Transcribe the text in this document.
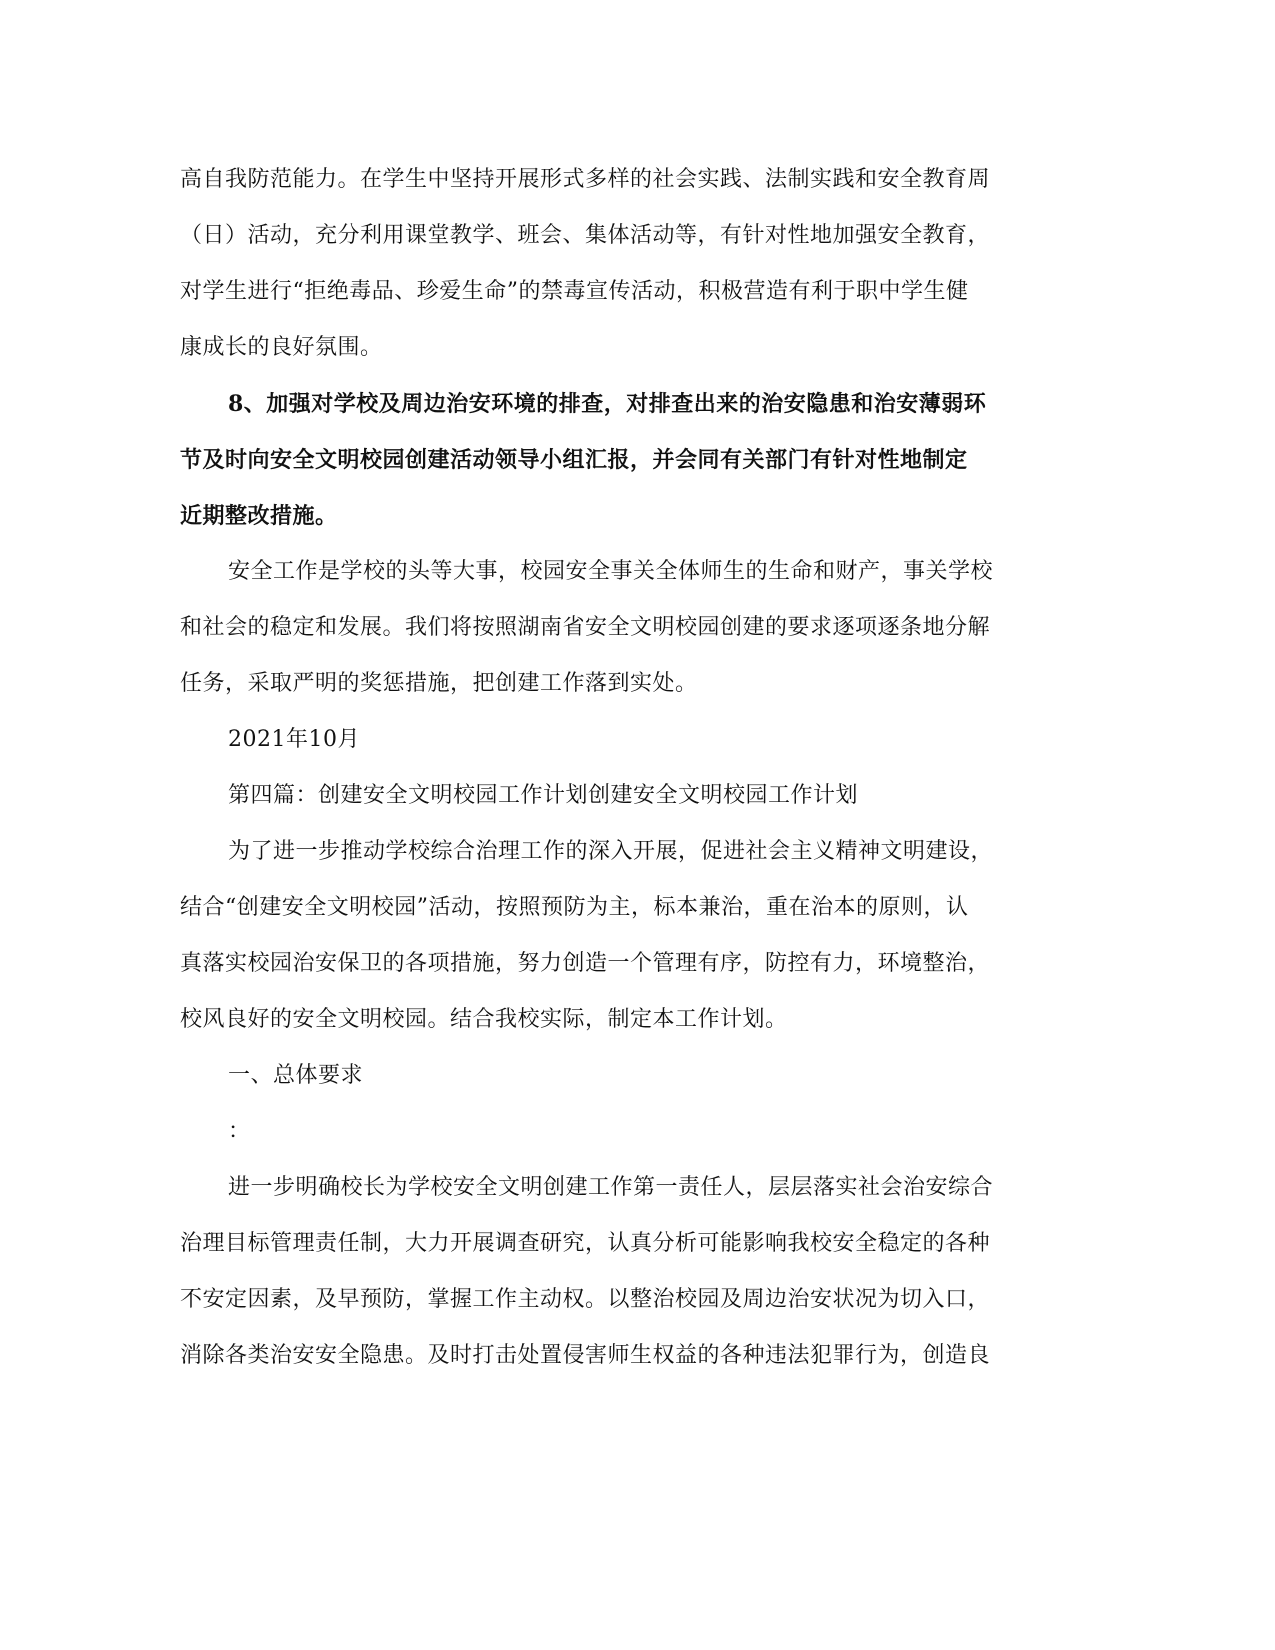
高自我防范能力。在学生中坚持开展形式多样的社会实践、法制实践和安全教育周
（日）活动，充分利用课堂教学、班会、集体活动等，有针对性地加强安全教育，
对学生进行“拒绝毒品、珍爱生命”的禁毒宣传活动，积极营造有利于职中学生健
康成长的良好氛围。
8、加强对学校及周边治安环境的排查，对排查出来的治安隐患和治安薄弱环
节及时向安全文明校园创建活动领导小组汇报，并会同有关部门有针对性地制定
近期整改措施。
安全工作是学校的头等大事，校园安全事关全体师生的生命和财产，事关学校
和社会的稳定和发展。我们将按照湖南省安全文明校园创建的要求逐项逐条地分解
任务，采取严明的奖惩措施，把创建工作落到实处。
2021年10月
第四篇：创建安全文明校园工作计划创建安全文明校园工作计划
为了进一步推动学校综合治理工作的深入开展，促进社会主义精神文明建设，
结合“创建安全文明校园”活动，按照预防为主，标本兼治，重在治本的原则，认
真落实校园治安保卫的各项措施，努力创造一个管理有序，防控有力，环境整治，
校风良好的安全文明校园。结合我校实际，制定本工作计划。
一、总体要求
：
进一步明确校长为学校安全文明创建工作第一责任人，层层落实社会治安综合
治理目标管理责任制，大力开展调查研究，认真分析可能影响我校安全稳定的各种
不安定因素，及早预防，掌握工作主动权。以整治校园及周边治安状况为切入口，
消除各类治安安全隐患。及时打击处置侵害师生权益的各种违法犯罪行为，创造良
